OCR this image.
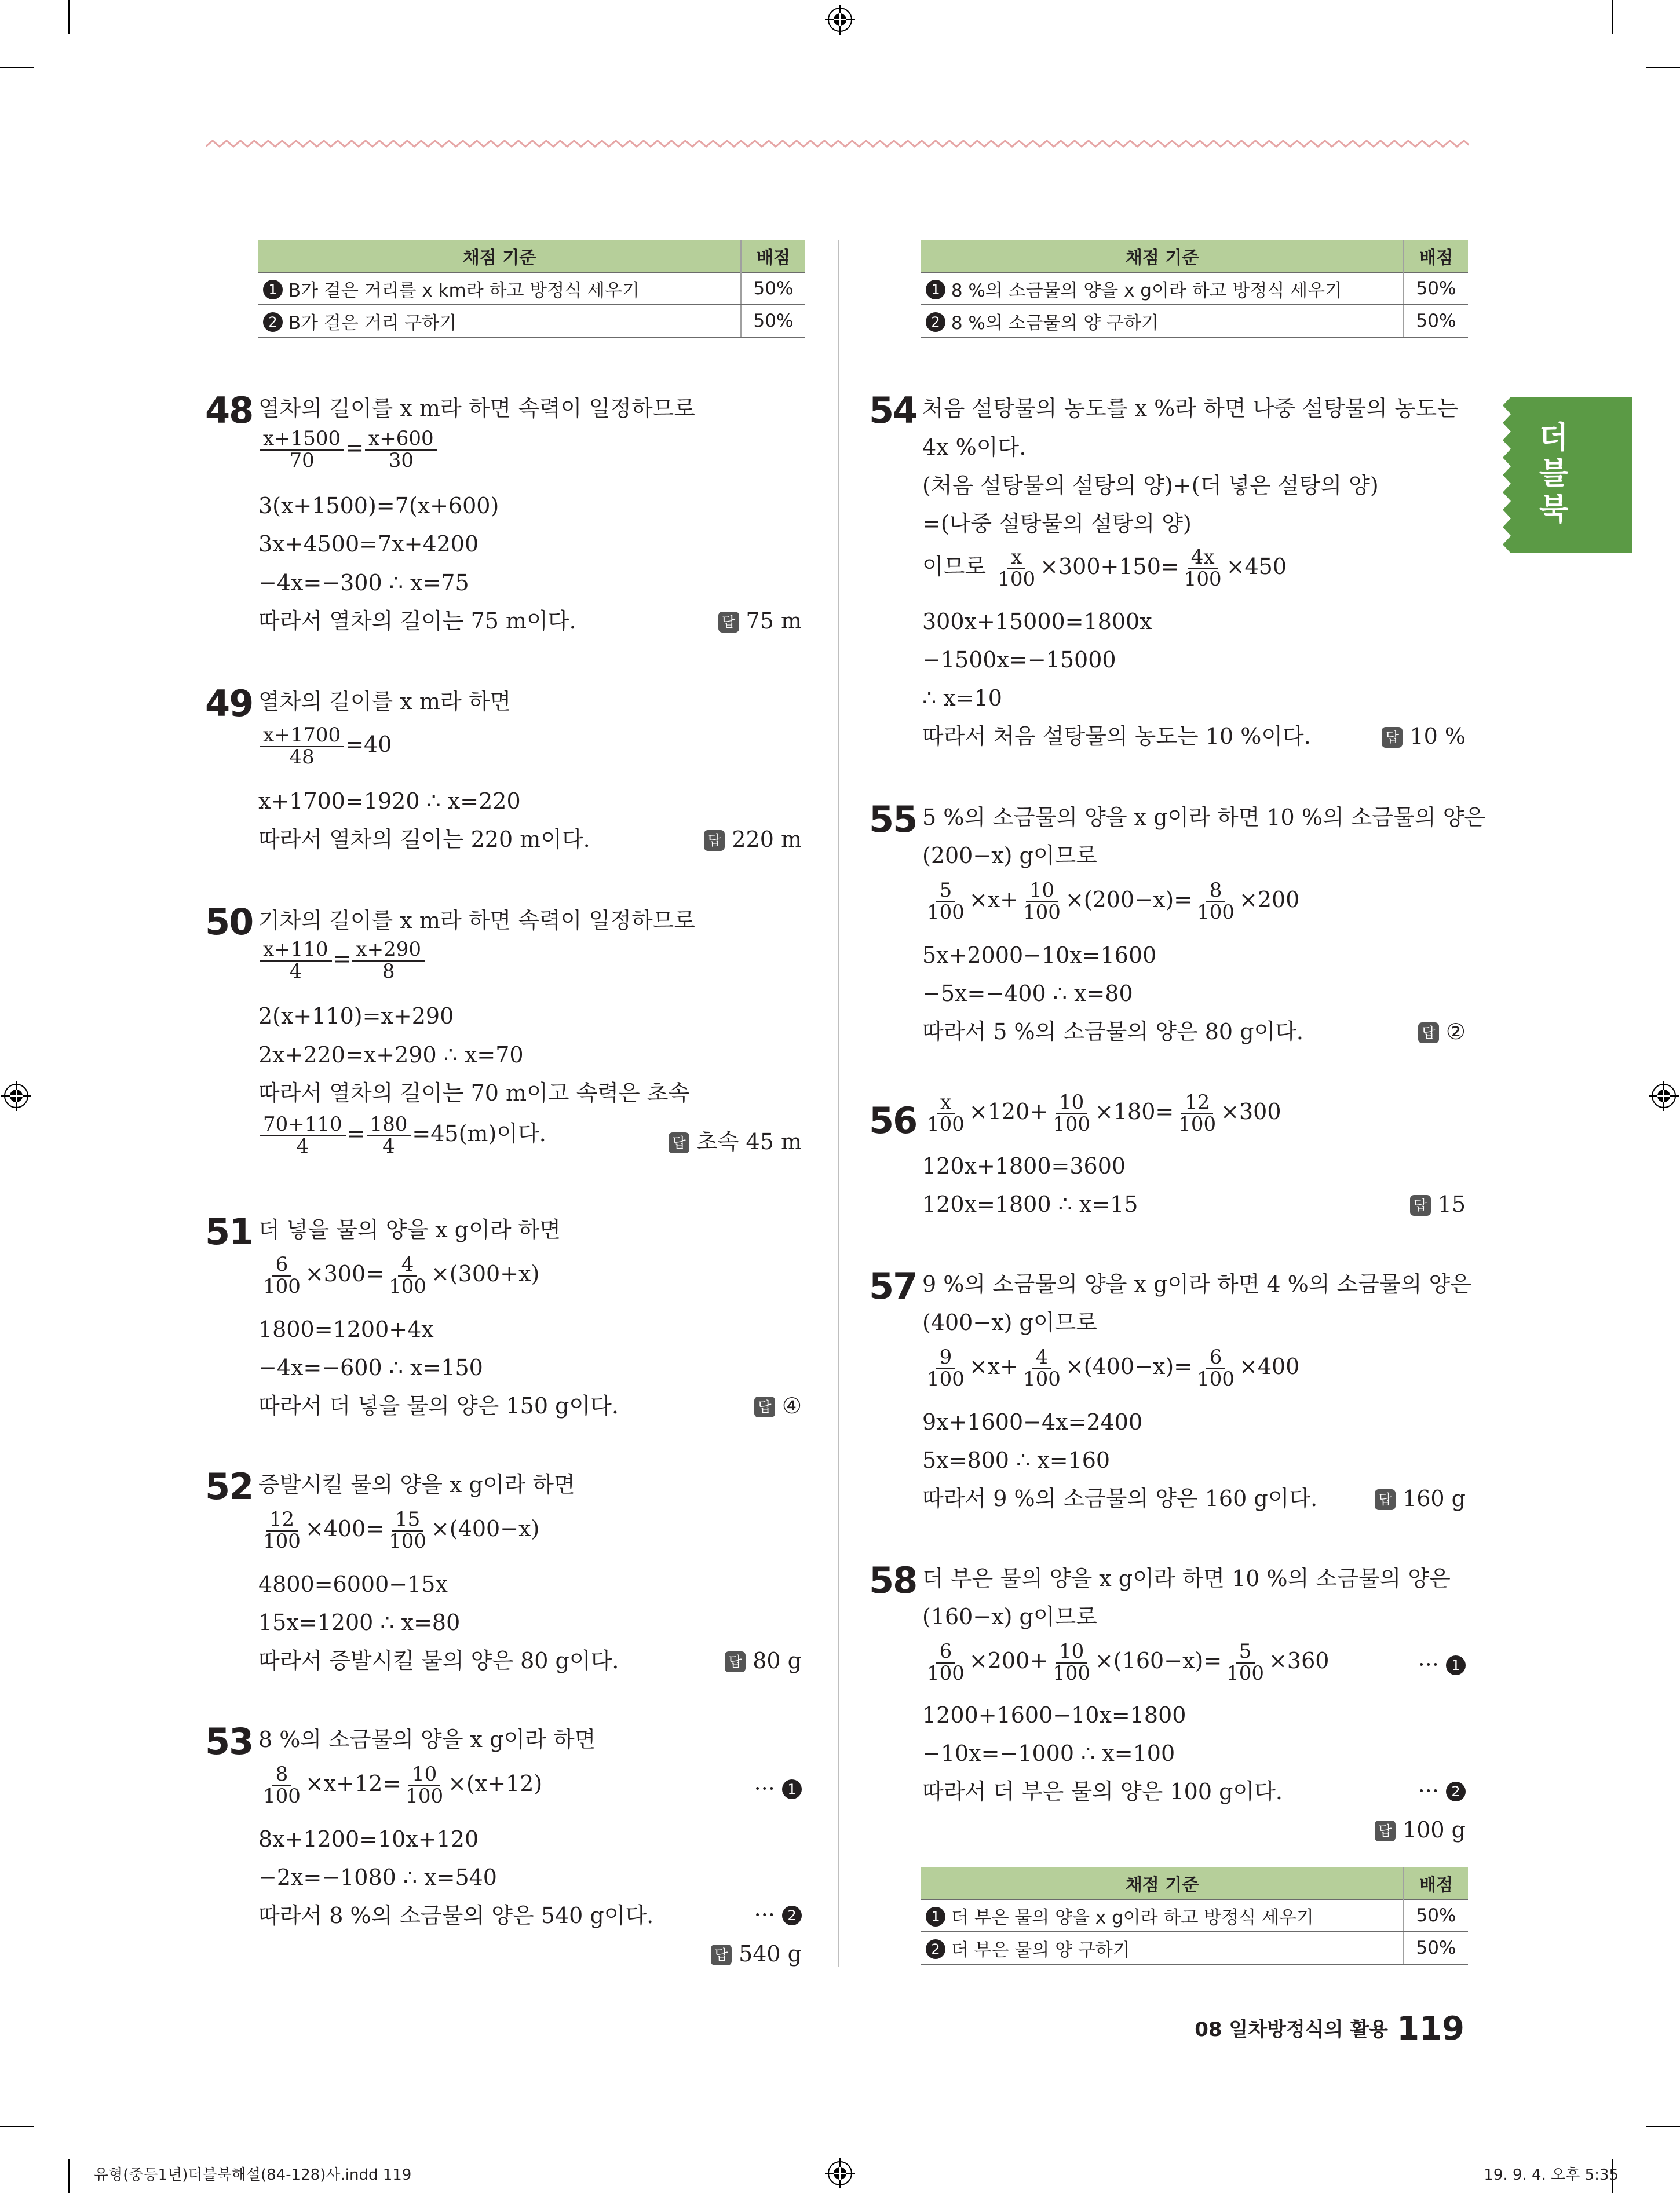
채점 기준	배점
1 B가 걸은 거리를 x km라 하고 방정식 세우기	50%
2 B가 걸은 거리 구하기	50%
채점 기준	배점
1 8 %의 소금물의 양을 x g이라 하고 방정식 세우기	50%
2 8 %의 소금물의 양 구하기	50%
더블북
48 열차의 길이를 x m라 하면 속력이 일정하므로
$\frac{x+1500}{70} = \frac{x+600}{30}$
3(x+1500)=7(x+600)
3x+4500=7x+4200
−4x=−300 ∴ x=75
따라서 열차의 길이는 75 m이다.	답 75 m
49 열차의 길이를 x m라 하면
$\frac{x+1700}{48} =40$
x+1700=1920 ∴ x=220
따라서 열차의 길이는 220 m이다.	답 220 m
50 기차의 길이를 x m라 하면 속력이 일정하므로
$\frac{x+110}{4} = \frac{x+290}{8}$
2(x+110)=x+290
2x+220=x+290 ∴ x=70
따라서 열차의 길이는 70 m이고 속력은 초속
$\frac{70+110}{4} = \frac{180}{4} =45(m)$이다.	답 초속 45 m
51 더 넣을 물의 양을 x g이라 하면
$\frac{6}{100} \times 300= \frac{4}{100} \times(300+x)$
1800=1200+4x
−4x=−600 ∴ x=150
따라서 더 넣을 물의 양은 150 g이다.	답 ④
52 증발시킬 물의 양을 x g이라 하면
$\frac{12}{100} \times 400= \frac{15}{100} \times(400-x)$
4800=6000−15x
15x=1200 ∴ x=80
따라서 증발시킬 물의 양은 80 g이다.	답 80 g
53 8 %의 소금물의 양을 x g이라 하면
$\frac{8}{100} \times x+12= \frac{10}{100} \times(x+12)$	··· 1
8x+1200=10x+120
−2x=−1080 ∴ x=540
따라서 8 %의 소금물의 양은 540 g이다.	··· 2
답 540 g
54 처음 설탕물의 농도를 x %라 하면 나중 설탕물의 농도는
4x %이다.
(처음 설탕물의 설탕의 양)+(더 넣은 설탕의 양)
=(나중 설탕물의 설탕의 양)
이므로 $\frac{x}{100} \times 300+150= \frac{4x}{100} \times 450$
300x+15000=1800x
−1500x=−15000
∴ x=10
따라서 처음 설탕물의 농도는 10 %이다.	답 10 %
55 5 %의 소금물의 양을 x g이라 하면 10 %의 소금물의 양은
(200−x) g이므로
$\frac{5}{100} \times x+ \frac{10}{100} \times(200-x)= \frac{8}{100} \times 200$
5x+2000−10x=1600
−5x=−400 ∴ x=80
따라서 5 %의 소금물의 양은 80 g이다.	답 ②
$56 \frac{x}{100} \times 120+ \frac{10}{100} \times 180= \frac{12}{100} \times 300$
120x+1800=3600
120x=1800 ∴ x=15	답 15
57 9 %의 소금물의 양을 x g이라 하면 4 %의 소금물의 양은
(400−x) g이므로
$\frac{9}{100} \times x+ \frac{4}{100} \times(400-x)= \frac{6}{100} \times 400$
9x+1600−4x=2400
5x=800 ∴ x=160
따라서 9 %의 소금물의 양은 160 g이다.	답 160 g
58 더 부은 물의 양을 x g이라 하면 10 %의 소금물의 양은
(160−x) g이므로
$\frac{6}{100} \times 200+ \frac{10}{100} \times(160-x)= \frac{5}{100} \times 360$	··· 1
1200+1600−10x=1800
−10x=−1000 ∴ x=100
따라서 더 부은 물의 양은 100 g이다.	··· 2
답 100 g
채점 기준	배점
1 더 부은 물의 양을 x g이라 하고 방정식 세우기	50%
2 더 부은 물의 양 구하기	50%
08 일차방정식의 활용 119
유형(중등1년)더블북해설(84-128)사.indd 119	19. 9. 4. 오후 5:35
